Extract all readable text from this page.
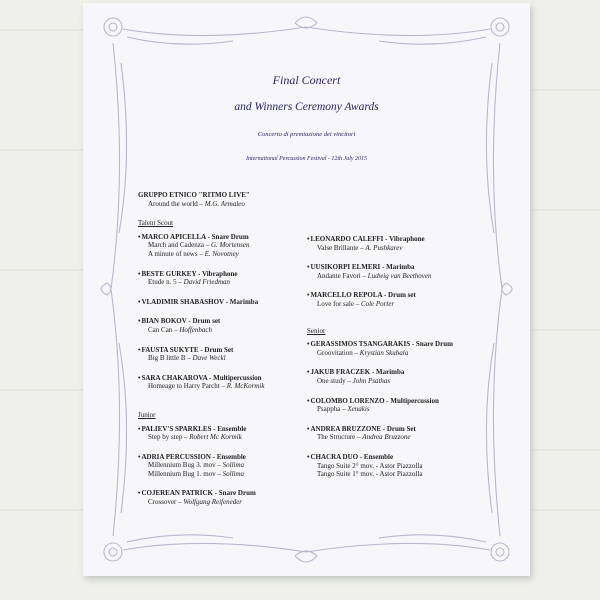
Final Concert
and Winners Ceremony Awards
Concerto di premiazione dei vincitori
International Percussion Festival - 12th July 2015
GRUPPO ETNICO "RITMO LIVE"
Around the world – M.G. Armaleo
Talent Scout
•MARCO APICELLA - Snare Drum
March and Cadenza – G. Mortensen
A minute of news – E. Novotney
•BESTE GURKEY - Vibraphone
Etude n. 5 – David Friedman
•VLADIMIR SHABASHOV - Marimba
•BIAN BOKOV - Drum set
Can Can – Hoffenbach
•FAUSTA SUKYTE - Drum Set
Big B little B – Dave Weckl
•SARA CHAKAROVA - Multipercussion
Homeage to Harry Parcht – R. McKormik
Junior
•PALIEV'S SPARKLES - Ensemble
Step by step – Robert Mc Kormik
•ADRIA PERCUSSION - Ensemble
Millennium Bug 3. mov – Sollima
Millennium Bug 1. mov – Sollima
•COJEREAN PATRICK - Snare Drum
Crossover – Wolfgang Reifeneder
•LEONARDO CALEFFI - Vibraphone
Valse Brillante – A. Pushkarev
•UUSIKORPI ELMERI - Marimba
Andante Favori – Ludwig van Beethoven
•MARCELLO REPOLA - Drum set
Love for sale – Cole Porter
Senior
•GERASSIMOS TSANGARAKIS - Snare Drum
Groovitation – Krystian Skubala
•JAKUB FRACZEK - Marimba
One study – John Psathas
•COLOMBO LORENZO - Multipercussion
Psappha – Xenakis
•ANDREA BRUZZONE - Drum Set
The Structure – Andrea Bruzzone
•CHACRA DUO - Ensemble
Tango Suite 2° mov. - Astor Piazzolla
Tango Suite 1° mov. - Astor Piazzolla
